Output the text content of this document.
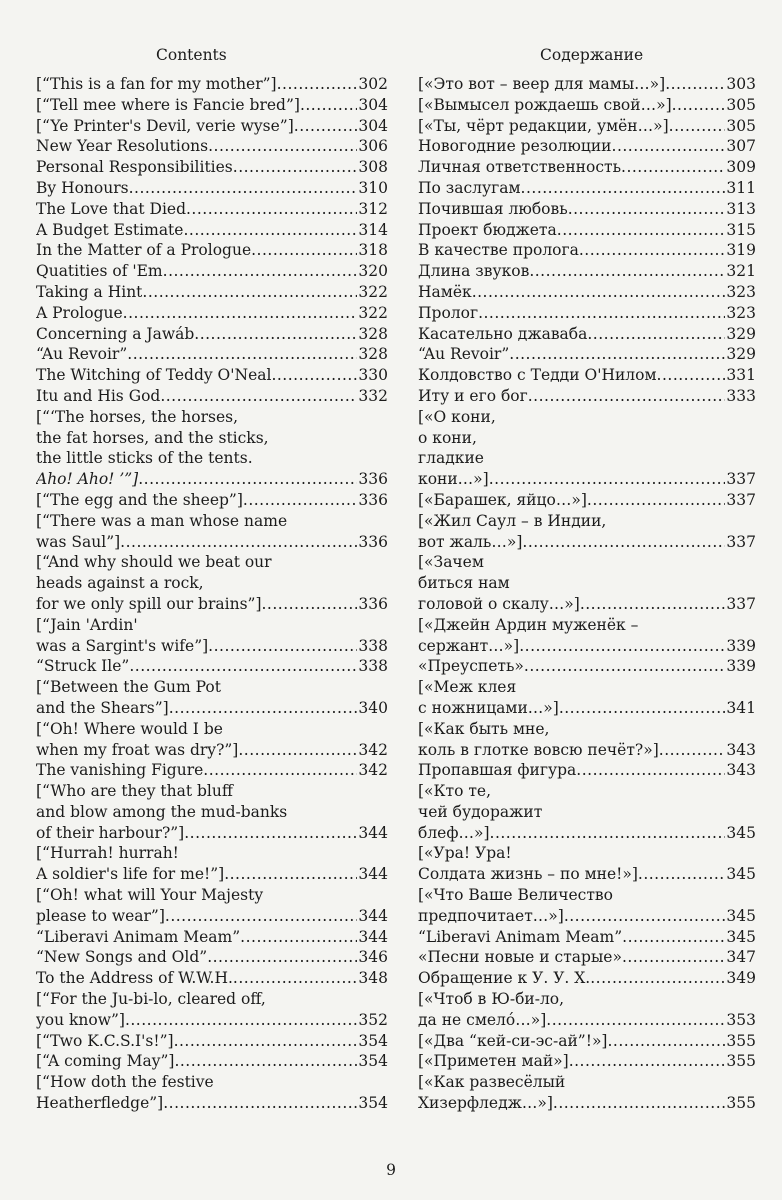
Contents	Содержание
[“This is a fan for my mother”] .....	302
[“Tell mee where is Fancie bred”] .....	304
[“Ye Printer's Devil, verie wyse”] .....	304
New Year Resolutions .....	306
Personal Responsibilities .....	308
By Honours .....	310
The Love that Died .....	312
A Budget Estimate .....	314
In the Matter of a Prologue .....	318
Quatities of 'Em .....	320
Taking a Hint .....	322
A Prologue .....	322
Concerning a Jawáb .....	328
“Au Revoir” .....	328
The Witching of Teddy O'Neal .....	330
Itu and His God .....	332
[“‘The horses, the horses,
the fat horses, and the sticks,
the little sticks of the tents.
Aho! Aho! ’”] .....	336
[“The egg and the sheep”] .....	336
[“There was a man whose name
was Saul”] .....	336
[“And why should we beat our
heads against a rock,
for we only spill our brains”] .....	336
[“Jain 'Ardin'
was a Sargint's wife”] .....	338
“Struck Ile” .....	338
[“Between the Gum Pot
and the Shears”] .....	340
[“Oh! Where would I be
when my froat was dry?”] .....	342
The vanishing Figure .....	342
[“Who are they that bluff
and blow among the mud-banks
of their harbour?”] .....	344
[“Hurrah! hurrah!
A soldier's life for me!”] .....	344
[“Oh! what will Your Majesty
please to wear”] .....	344
“Liberavi Animam Meam” .....	344
“New Songs and Old” .....	346
To the Address of W.W.H. .....	348
[“For the Ju-bi-lo, cleared off,
you know”] .....	352
[“Two K.C.S.I's!”] .....	354
[“A coming May”] .....	354
[“How doth the festive
Heatherfledge”] .....	354
[«Это вот – веер для мамы…»] .....	303
[«Вымысел рождаешь свой…»] .....	305
[«Ты, чёрт редакции, умён…»] .....	305
Новогодние резолюции .....	307
Личная ответственность .....	309
По заслугам .....	311
Почившая любовь .....	313
Проект бюджета .....	315
В качестве пролога .....	319
Длина звуков .....	321
Намёк .....	323
Пролог .....	323
Касательно джаваба .....	329
“Au Revoir” .....	329
Колдовство с Тедди О'Нилом .....	331
Иту и его бог .....	333
[«О кони,
о кони,
гладкие
кони…»] .....	337
[«Барашек, яйцо…»] .....	337
[«Жил Саул – в Индии,
вот жаль…»] .....	337
[«Зачем
биться нам
головой о скалу…»] .....	337
[«Джейн Ардин муженёк –
сержант…»] .....	339
«Преуспеть» .....	339
[«Меж клея
с ножницами…»] .....	341
[«Как быть мне,
коль в глотке вовсю печёт?»] .....	343
Пропавшая фигура .....	343
[«Кто те,
чей будоражит
блеф…»] .....	345
[«Ура! Ура!
Солдата жизнь – по мне!»] .....	345
[«Что Ваше Величество
предпочитает…»] .....	345
“Liberavi Animam Meam” .....	345
«Песни новые и старые» .....	347
Обращение к У. У. Х. .....	349
[«Чтоб в Ю-би-ло,
да не смело́…»] .....	353
[«Два “кей-си-эс-ай”!»] .....	355
[«Приметен май»] .....	355
[«Как развесёлый
Хизерфледж…»] .....	355
9
